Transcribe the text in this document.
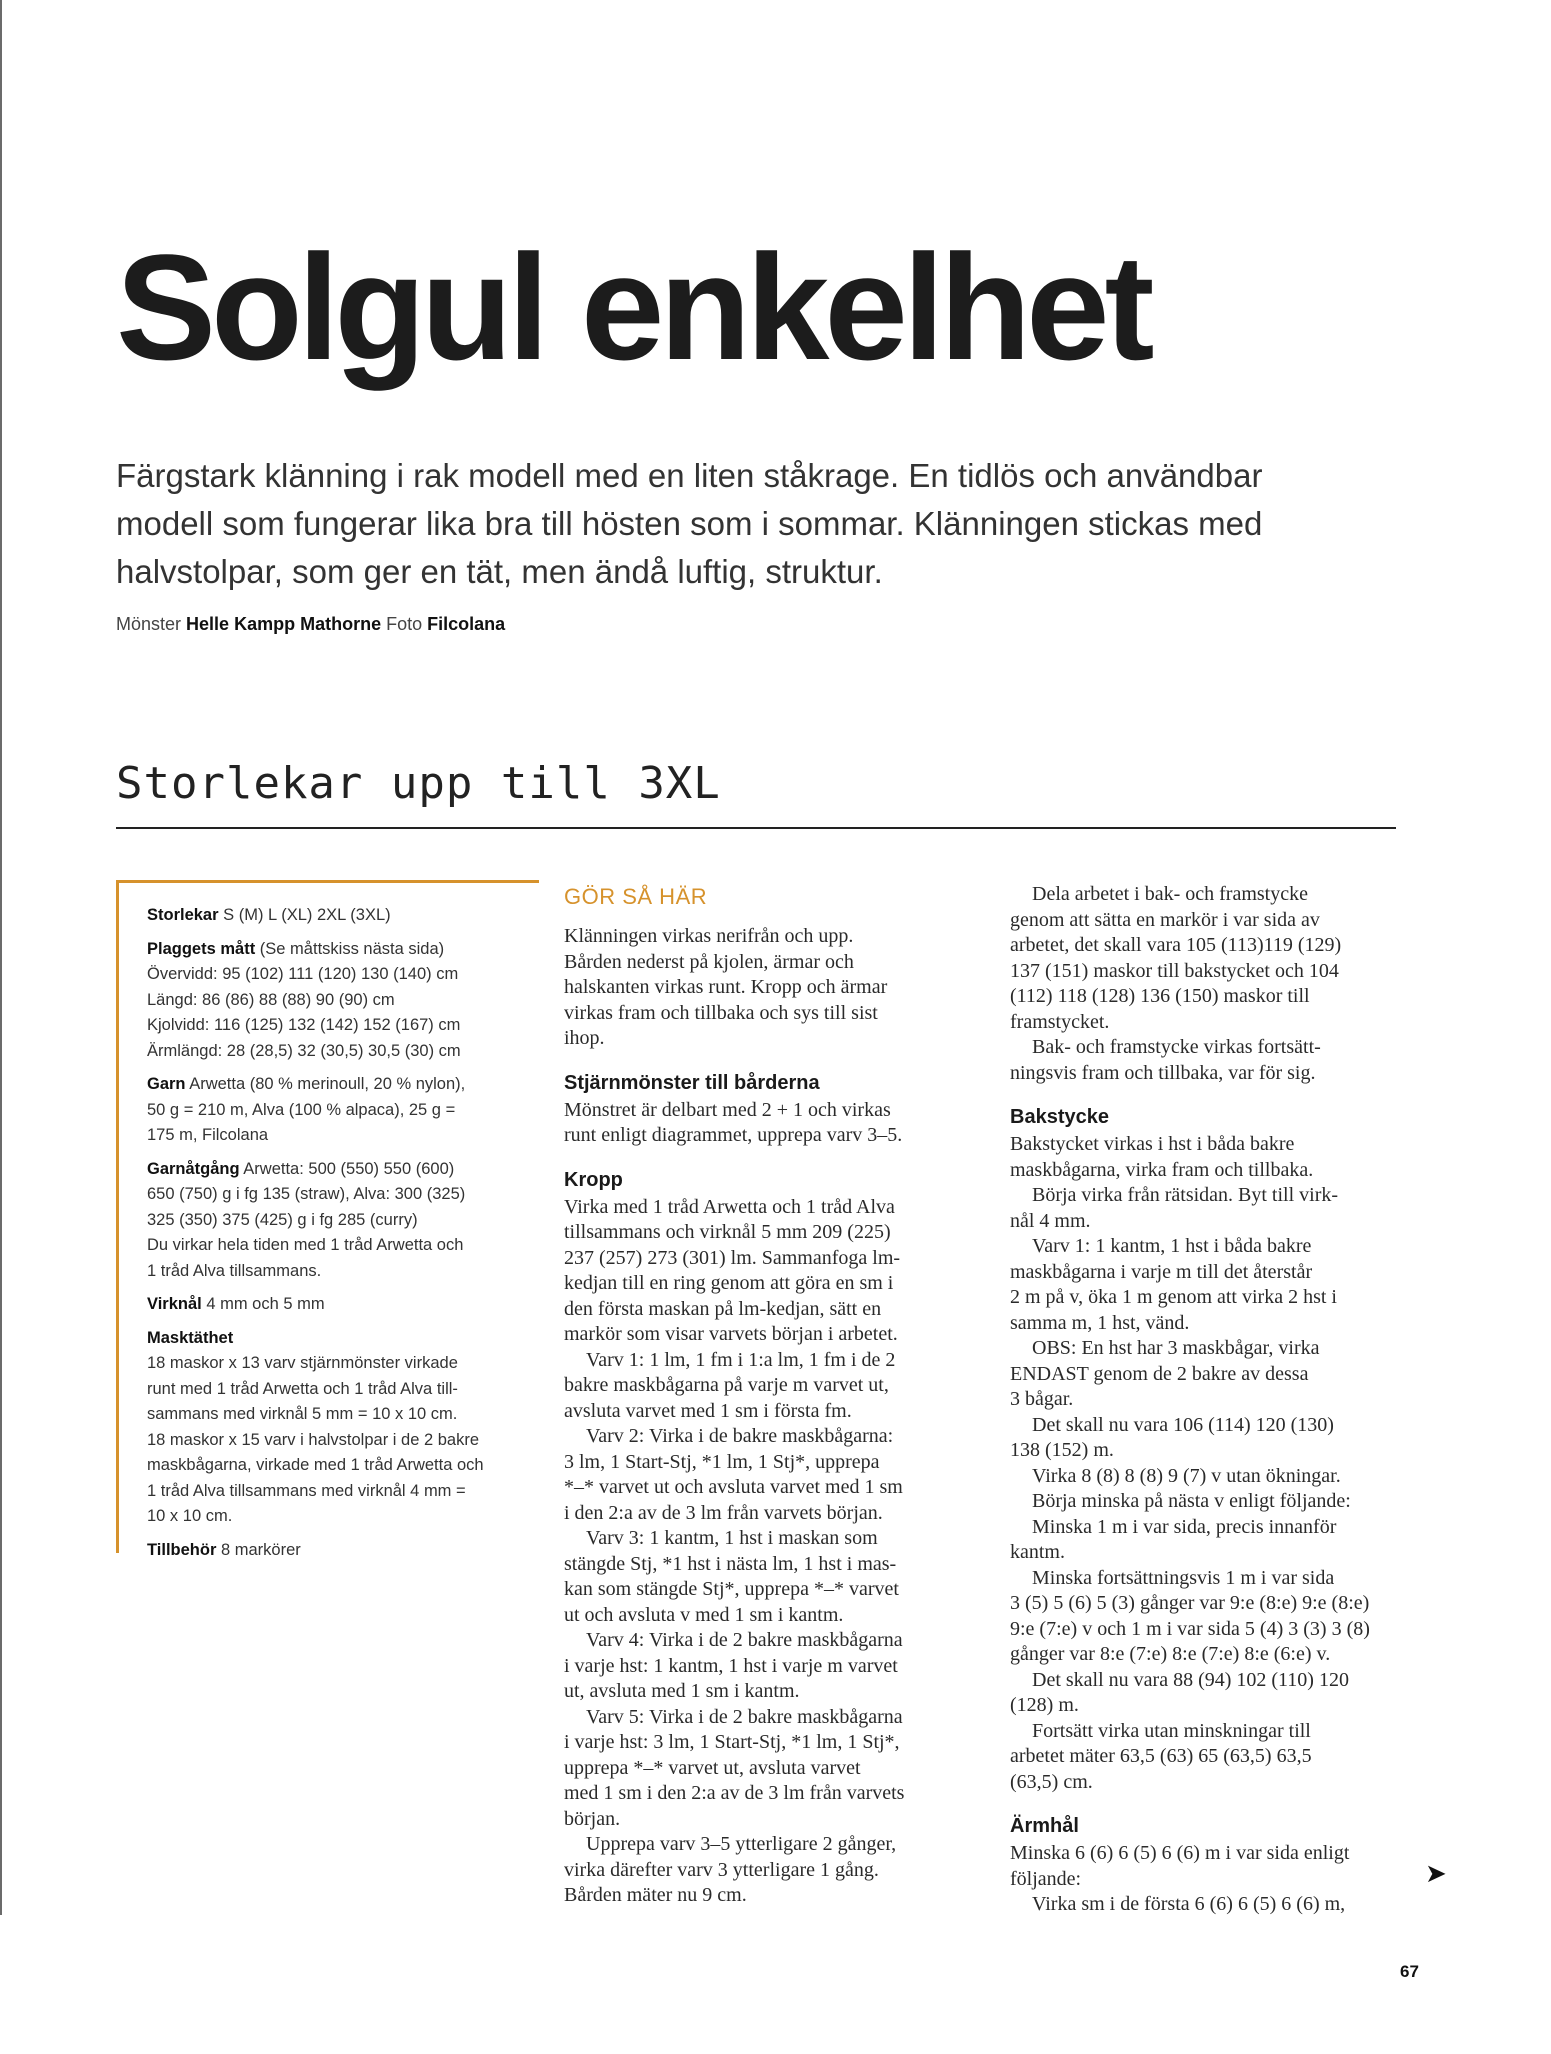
Solgul enkelhet

Färgstark klänning i rak modell med en liten ståkrage. En tidlös och användbar
modell som fungerar lika bra till hösten som i sommar. Klänningen stickas med
halvstolpar, som ger en tät, men ändå luftig, struktur.

Mönster Helle Kampp Mathorne Foto Filcolana
Storlekar upp till 3XL

Storlekar S (M) L (XL) 2XL (3XL)

Plaggets mått (Se måttskiss nästa sida)
Övervidd: 95 (102) 111 (120) 130 (140) cm
Längd: 86 (86) 88 (88) 90 (90) cm
Kjolvidd: 116 (125) 132 (142) 152 (167) cm
Ärmlängd: 28 (28,5) 32 (30,5) 30,5 (30) cm

Garn Arwetta (80 % merinoull, 20 % nylon),
50 g = 210 m, Alva (100 % alpaca), 25 g =
175 m, Filcolana

Garnåtgång Arwetta: 500 (550) 550 (600)
650 (750) g i fg 135 (straw), Alva: 300 (325)
325 (350) 375 (425) g i fg 285 (curry)
Du virkar hela tiden med 1 tråd Arwetta och
1 tråd Alva tillsammans.

Virknål 4 mm och 5 mm

Masktäthet
18 maskor x 13 varv stjärnmönster virkade
runt med 1 tråd Arwetta och 1 tråd Alva till-
sammans med virknål 5 mm = 10 x 10 cm.
18 maskor x 15 varv i halvstolpar i de 2 bakre
maskbågarna, virkade med 1 tråd Arwetta och
1 tråd Alva tillsammans med virknål 4 mm =
10 x 10 cm.

Tillbehör 8 markörer

GÖR SÅ HÄR
Klänningen virkas nerifrån och upp.
Bården nederst på kjolen, ärmar och
halskanten virkas runt. Kropp och ärmar
virkas fram och tillbaka och sys till sist
ihop.
Stjärnmönster till bårderna
Mönstret är delbart med 2 + 1 och virkas
runt enligt diagrammet, upprepa varv 3–5.
Kropp
Virka med 1 tråd Arwetta och 1 tråd Alva
tillsammans och virknål 5 mm 209 (225)
237 (257) 273 (301) lm. Sammanfoga lm-
kedjan till en ring genom att göra en sm i
den första maskan på lm-kedjan, sätt en
markör som visar varvets början i arbetet.
Varv 1: 1 lm, 1 fm i 1:a lm, 1 fm i de 2
bakre maskbågarna på varje m varvet ut,
avsluta varvet med 1 sm i första fm.
Varv 2: Virka i de bakre maskbågarna:
3 lm, 1 Start-Stj, *1 lm, 1 Stj*, upprepa
*–* varvet ut och avsluta varvet med 1 sm
i den 2:a av de 3 lm från varvets början.
Varv 3: 1 kantm, 1 hst i maskan som
stängde Stj, *1 hst i nästa lm, 1 hst i mas-
kan som stängde Stj*, upprepa *–* varvet
ut och avsluta v med 1 sm i kantm.
Varv 4: Virka i de 2 bakre maskbågarna
i varje hst: 1 kantm, 1 hst i varje m varvet
ut, avsluta med 1 sm i kantm.
Varv 5: Virka i de 2 bakre maskbågarna
i varje hst: 3 lm, 1 Start-Stj, *1 lm, 1 Stj*,
upprepa *–* varvet ut, avsluta varvet
med 1 sm i den 2:a av de 3 lm från varvets
början.
Upprepa varv 3–5 ytterligare 2 gånger,
virka därefter varv 3 ytterligare 1 gång.
Bården mäter nu 9 cm.
Dela arbetet i bak- och framstycke
genom att sätta en markör i var sida av
arbetet, det skall vara 105 (113)119 (129)
137 (151) maskor till bakstycket och 104
(112) 118 (128) 136 (150) maskor till
framstycket.
Bak- och framstycke virkas fortsätt-
ningsvis fram och tillbaka, var för sig.
Bakstycke
Bakstycket virkas i hst i båda bakre
maskbågarna, virka fram och tillbaka.
Börja virka från rätsidan. Byt till virk-
nål 4 mm.
Varv 1: 1 kantm, 1 hst i båda bakre
maskbågarna i varje m till det återstår
2 m på v, öka 1 m genom att virka 2 hst i
samma m, 1 hst, vänd.
OBS: En hst har 3 maskbågar, virka
ENDAST genom de 2 bakre av dessa
3 bågar.
Det skall nu vara 106 (114) 120 (130)
138 (152) m.
Virka 8 (8) 8 (8) 9 (7) v utan ökningar.
Börja minska på nästa v enligt följande:
Minska 1 m i var sida, precis innanför
kantm.
Minska fortsättningsvis 1 m i var sida
3 (5) 5 (6) 5 (3) gånger var 9:e (8:e) 9:e (8:e)
9:e (7:e) v och 1 m i var sida 5 (4) 3 (3) 3 (8)
gånger var 8:e (7:e) 8:e (7:e) 8:e (6:e) v.
Det skall nu vara 88 (94) 102 (110) 120
(128) m.
Fortsätt virka utan minskningar till
arbetet mäter 63,5 (63) 65 (63,5) 63,5
(63,5) cm.
Ärmhål
Minska 6 (6) 6 (5) 6 (6) m i var sida enligt
följande:
Virka sm i de första 6 (6) 6 (5) 6 (6) m,
➤
67
